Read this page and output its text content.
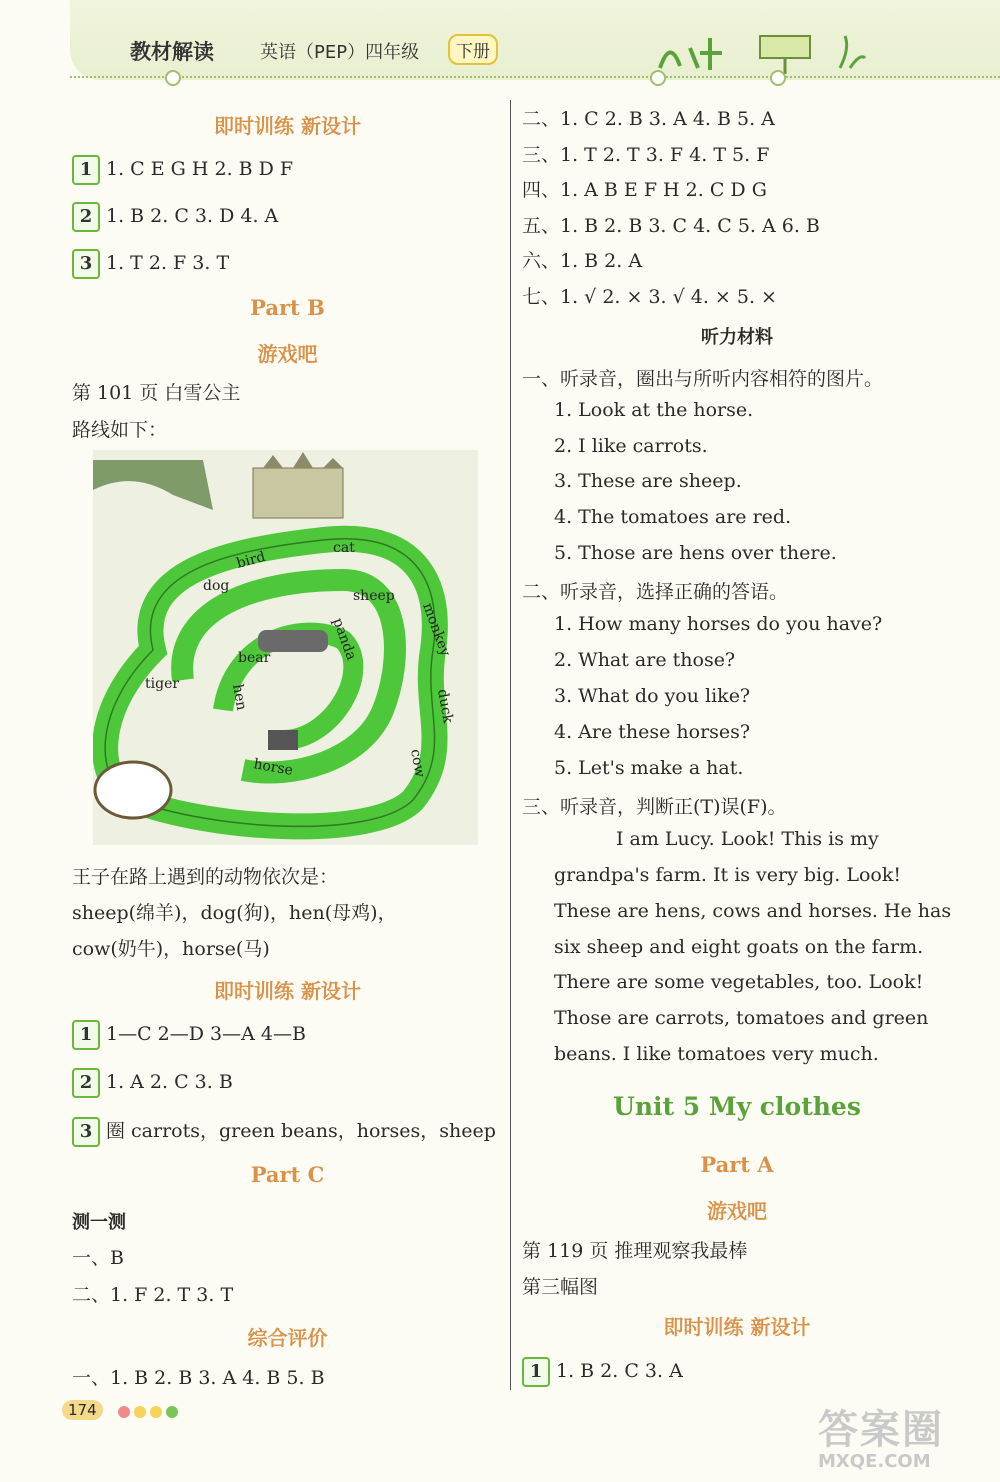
教材解读	英语（PEP）四年级	下册
即时训练 新设计
1 1. C E G H 2. B D F
2 1. B 2. C 3. D 4. A
3 1. T 2. F 3. T
Part B
游戏吧
第 101 页 白雪公主
路线如下：
bird
cat
dog
sheep
panda	monkey
bear
tiger	hen	duck
horse	cow
王子在路上遇到的动物依次是：
sheep(绵羊)，dog(狗)，hen(母鸡)，
cow(奶牛)，horse(马)
即时训练 新设计
1 1—C 2—D 3—A 4—B
2 1. A 2. C 3. B
3 圈 carrots，green beans，horses，sheep
Part C
测一测
一、B
二、1. F 2. T 3. T
综合评价
一、1. B 2. B 3. A 4. B 5. B
二、1. C 2. B 3. A 4. B 5. A
三、1. T 2. T 3. F 4. T 5. F
四、1. A B E F H 2. C D G
五、1. B 2. B 3. C 4. C 5. A 6. B
六、1. B 2. A
七、1. √ 2. × 3. √ 4. × 5. ×
听力材料
一、听录音，圈出与所听内容相符的图片。
1. Look at the horse.
2. I like carrots.
3. These are sheep.
4. The tomatoes are red.
5. Those are hens over there.
二、听录音，选择正确的答语。
1. How many horses do you have?
2. What are those?
3. What do you like?
4. Are these horses?
5. Let's make a hat.
三、听录音，判断正(T)误(F)。
I am Lucy. Look! This is my
grandpa's farm. It is very big. Look!
These are hens, cows and horses. He has
six sheep and eight goats on the farm.
There are some vegetables, too. Look!
Those are carrots, tomatoes and green
beans. I like tomatoes very much.
Unit 5 My clothes
Part A
游戏吧
第 119 页 推理观察我最棒
第三幅图
即时训练 新设计
1 1. B 2. C 3. A
174	答案圈
MXQE.COM
